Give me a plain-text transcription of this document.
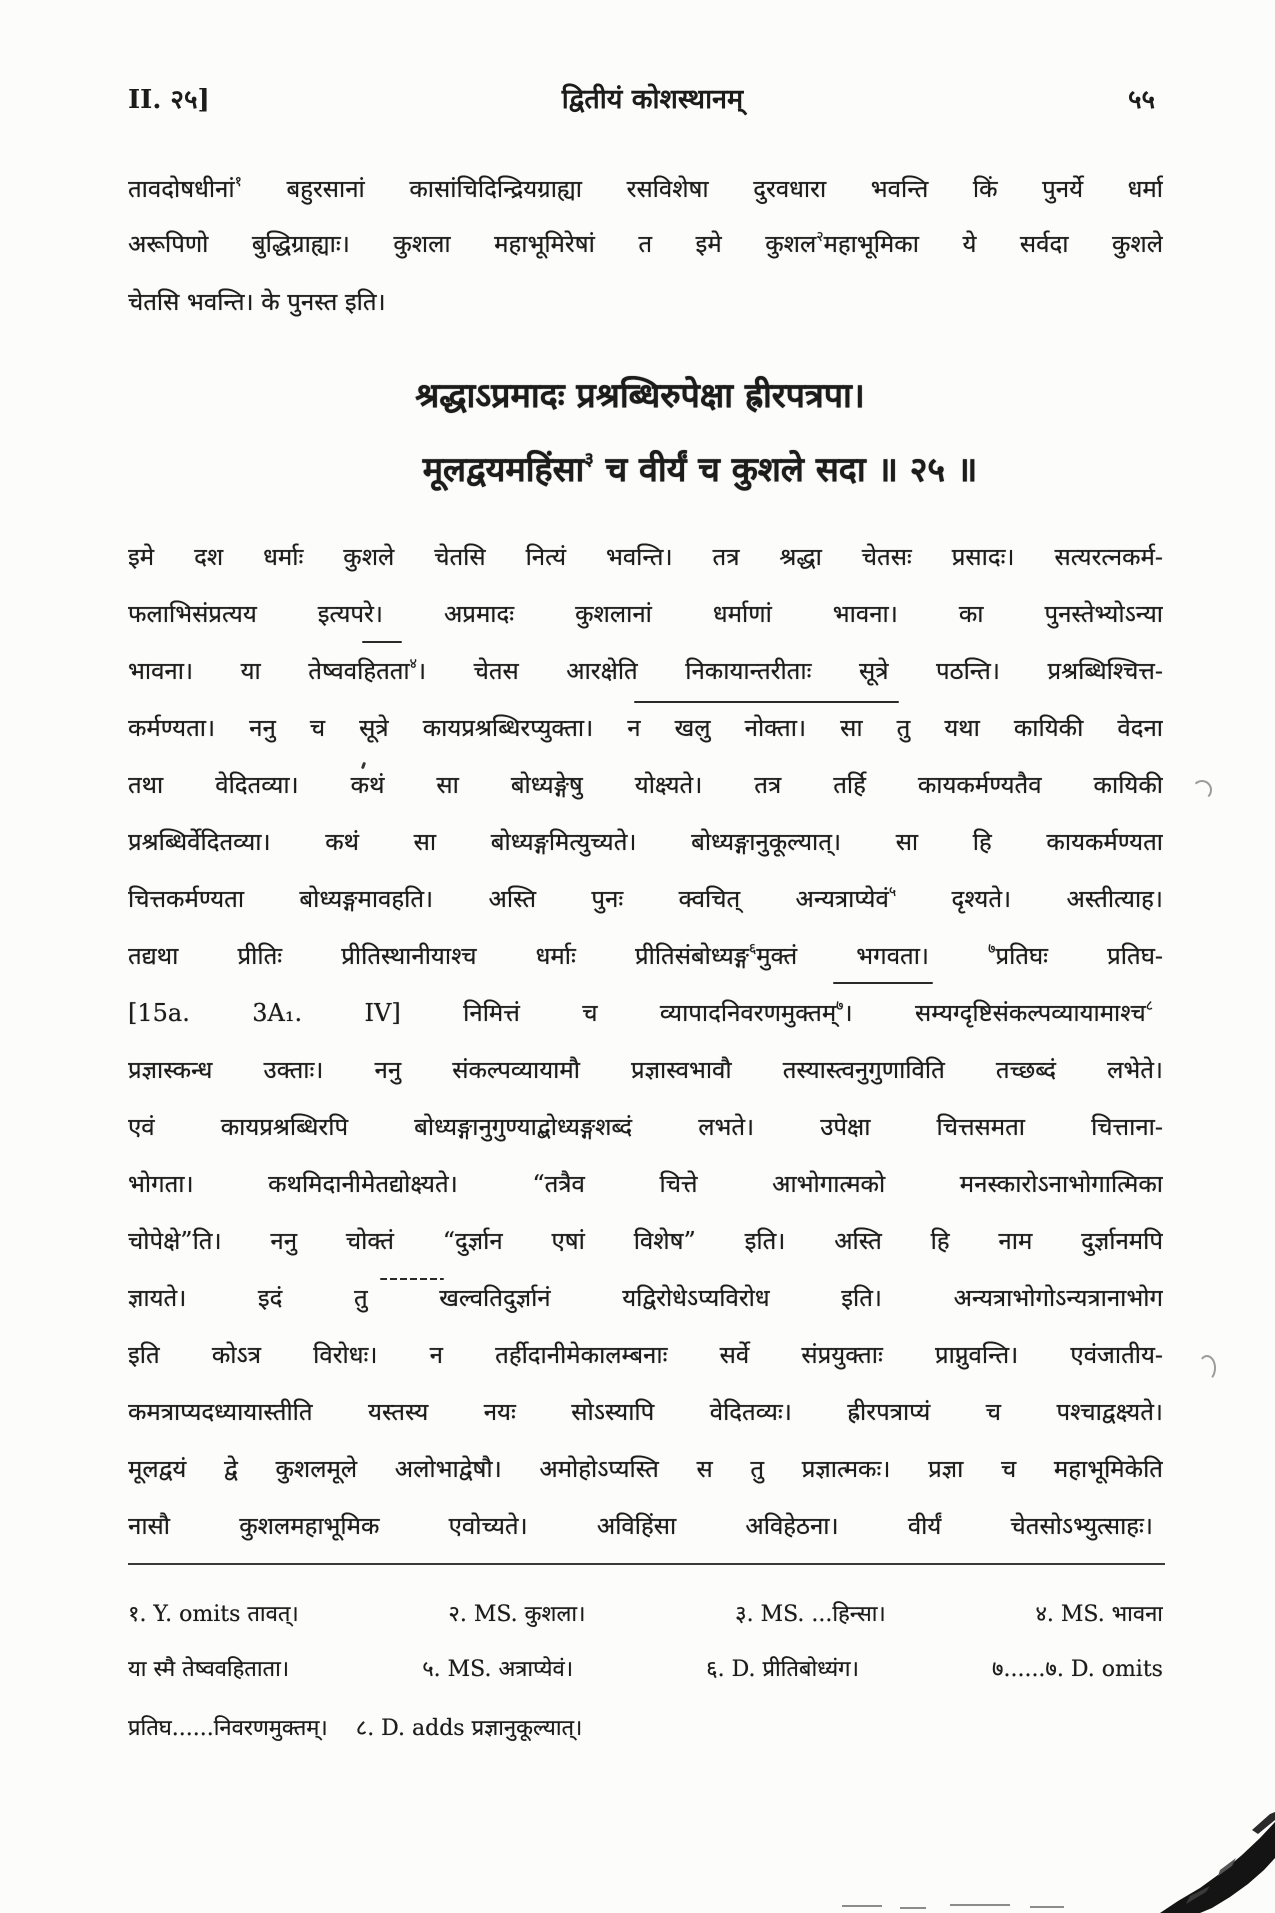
II. २५]	द्वितीयं कोशस्थानम्	५५
तावदोषधीनां$^१$ बहुरसानां कासांचिदिन्द्रियग्राह्या रसविशेषा दुरवधारा भवन्ति किं पुनर्ये धर्मा
अरूपिणो बुद्धिग्राह्याः। कुशला महाभूमिरेषां त इमे कुशल$^२$महाभूमिका ये सर्वदा कुशले
चेतसि भवन्ति। के पुनस्त इति।
श्रद्धाऽप्रमादः प्रश्रब्धिरुपेक्षा ह्रीरपत्रपा।
मूलद्वयमहिंसा$^३$ च वीर्यं च कुशले सदा ॥ २५ ॥
इमे दश धर्माः कुशले चेतसि नित्यं भवन्ति। तत्र श्रद्धा चेतसः प्रसादः। सत्यरत्नकर्म-
फलाभिसंप्रत्यय इत्यपरे। अप्रमादः कुशलानां धर्माणां भावना। का पुनस्तेभ्योऽन्या
भावना। या तेष्ववहितता$^४$। चेतस आरक्षेति निकायान्तरीताः सूत्रे पठन्ति। प्रश्रब्धिश्चित्त-
कर्मण्यता। ननु च सूत्रे कायप्रश्रब्धिरप्युक्ता। न खलु नोक्ता। सा तु यथा कायिकी वेदना
तथा वेदितव्या। कथं सा बोध्यङ्गेषु योक्ष्यते। तत्र तर्हि कायकर्मण्यतैव कायिकी
प्रश्रब्धिर्वेदितव्या। कथं सा बोध्यङ्गमित्युच्यते। बोध्यङ्गानुकूल्यात्। सा हि कायकर्मण्यता
चित्तकर्मण्यता बोध्यङ्गमावहति। अस्ति पुनः क्वचित् अन्यत्राप्येवं$^५$ दृश्यते। अस्तीत्याह।
तद्यथा प्रीतिः प्रीतिस्थानीयाश्च धर्माः प्रीतिसंबोध्यङ्ग$^६$मुक्तं भगवता। $^७$प्रतिघः प्रतिघ-
[15a. 3A₁. IV] निमित्तं च व्यापादनिवरणमुक्तम्$^७$। सम्यग्दृष्टिसंकल्पव्यायामाश्च$^८$
प्रज्ञास्कन्ध उक्ताः। ननु संकल्पव्यायामौ प्रज्ञास्वभावौ तस्यास्त्वनुगुणाविति तच्छब्दं लभेते।
एवं कायप्रश्रब्धिरपि बोध्यङ्गानुगुण्याद्बोध्यङ्गशब्दं लभते। उपेक्षा चित्तसमता चित्ताना-
भोगता। कथमिदानीमेतद्योक्ष्यते। “तत्रैव चित्ते आभोगात्मको मनस्कारोऽनाभोगात्मिका
चोपेक्षे”ति। ननु चोक्तं “दुर्ज्ञान एषां विशेष” इति। अस्ति हि नाम दुर्ज्ञानमपि
ज्ञायते। इदं तु खल्वतिदुर्ज्ञानं यद्विरोधेऽप्यविरोध इति। अन्यत्राभोगोऽन्यत्रानाभोग
इति कोऽत्र विरोधः। न तर्हीदानीमेकालम्बनाः सर्वे संप्रयुक्ताः प्राप्नुवन्ति। एवंजातीय-
कमत्राप्यदध्यायास्तीति यस्तस्य नयः सोऽस्यापि वेदितव्यः। ह्रीरपत्राप्यं च पश्चाद्वक्ष्यते।
मूलद्वयं द्वे कुशलमूले अलोभाद्वेषौ। अमोहोऽप्यस्ति स तु प्रज्ञात्मकः। प्रज्ञा च महाभूमिकेति
नासौ कुशलमहाभूमिक एवोच्यते। अविहिंसा अविहेठना। वीर्यं चेतसोऽभ्युत्साहः।
१. Y. omits तावत्।	२. MS. कुशला।	३. MS. ...हिन्सा।	४. MS. भावना
या स्मै तेष्ववहिताता।	५. MS. अत्राप्येवं।	६. D. प्रीतिबोध्यंग।	७......७. D. omits
प्रतिघ......निवरणमुक्तम्। ८. D. adds प्रज्ञानुकूल्यात्।
